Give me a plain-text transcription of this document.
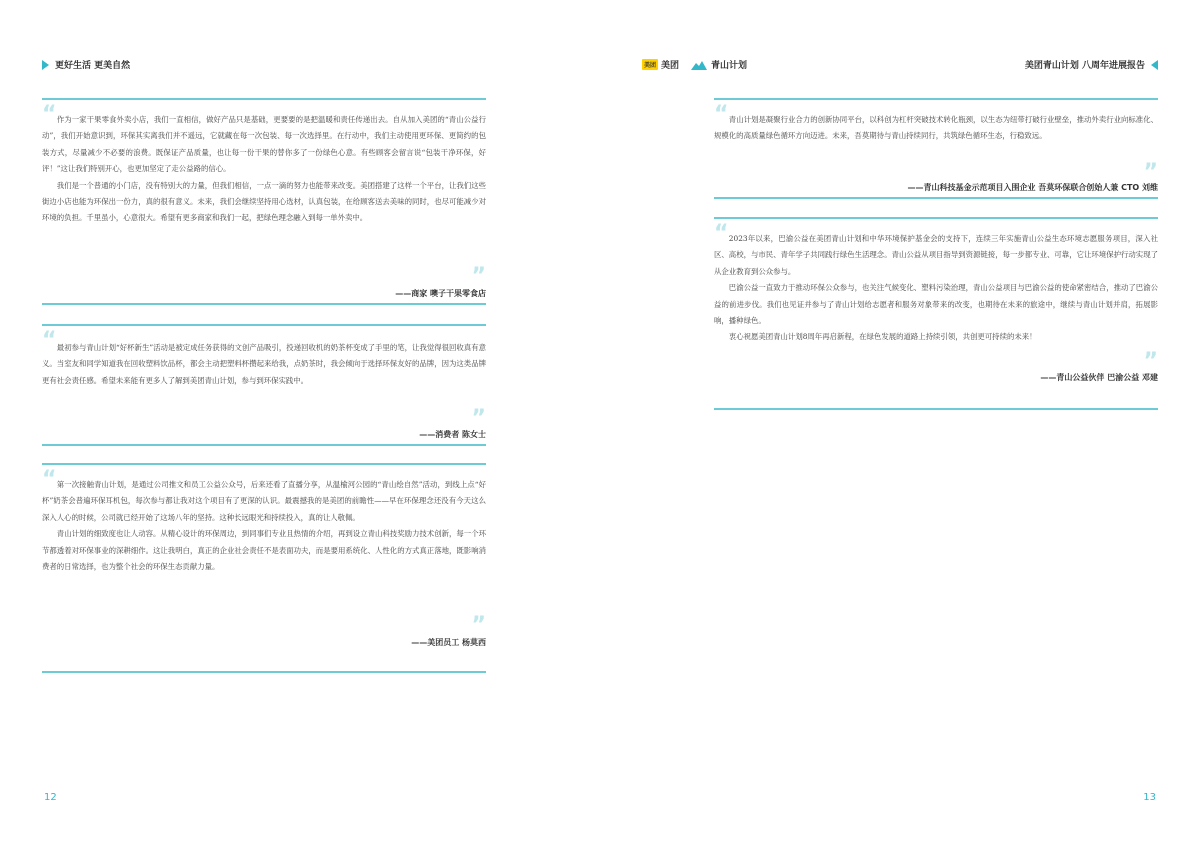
更好生活 更美自然
“ 作为一家干果零食外卖小店，我们一直相信，做好产品只是基础，更要要的是把温暖和责任传递出去。自从加入美团的“青山公益行动”，我们开始意识到，环保其实离我们并不遥远，它就藏在每一次包装、每一次选择里。在行动中，我们主动使用更环保、更简约的包装方式，尽量减少不必要的浪费。既保证产品质量，也让每一份干果的替你多了一份绿色心意。有些顾客会留言说“包装干净环保，好评！”这让我们特别开心，也更加坚定了走公益路的信心。

我们是一个普通的小门店，没有特别大的力量，但我们相信，一点一滴的努力也能带来改变。美团搭建了这样一个平台，让我们这些街边小店也能为环保出一份力，真的很有意义。未来，我们会继续坚持用心选材，认真包装，在给顾客送去美味的同时，也尽可能减少对环境的负担。千里虽小，心意很大。希望有更多商家和我们一起，把绿色理念融入到每一单外卖中。

”
——商家 噢子干果零食店
“ 最初参与青山计划“好杯新生”活动是被定成任务获得的文创产品吸引，投递回收机的奶茶杯变成了手里的笔，让我觉得很回收真有意义。当室友和同学知道我在回收塑料饮品杯，都会主动把塑料杯攒起来给我，点奶茶时，我会倾向于选择环保友好的品牌，因为这类品牌更有社会责任感。希望未来能有更多人了解到美团青山计划，参与到环保实践中。

”
——消费者 陈女士
“ 第一次接触青山计划，是通过公司推文和员工公益公众号，后来还看了直播分享，从温榆河公园的“青山绘自然”活动，到线上点“好杯”奶茶会普遍环保耳机包，每次参与都让我对这个项目有了更深的认识。最震撼我的是美团的前瞻性——早在环保理念还没有今天这么深入人心的时候，公司就已经开始了这场八年的坚持。这种长远眼光和持续投入，真的让人敬佩。

青山计划的细致度也让人动容。从精心设计的环保周边，到同事们专业且热情的介绍，再到设立青山科技奖励力技术创新，每一个环节都透着对环保事业的深耕细作。这让我明白，真正的企业社会责任不是表面功夫，而是要用系统化、人性化的方式真正落地，既影响消费者的日常选择，也为整个社会的环保生态贡献力量。

”
——美团员工 杨莫西
12
美团 美团	青山计划	美团青山计划 八周年进展报告
“ 青山计划是凝聚行业合力的创新协同平台，以科创为杠杆突破技术转化瓶颈，以生态为纽带打破行业壁垒，推动外卖行业向标准化、规模化的高质量绿色循环方向迈进。未来，吾莫期待与青山持续同行，共筑绿色循环生态，行稳致远。

”
——青山科技基金示范项目入围企业 吾莫环保联合创始人兼 CTO 刘维
“ 2023年以来，巴渝公益在美团青山计划和中华环境保护基金会的支持下，连续三年实施青山公益生态环境志愿服务项目，深入社区、高校，与市民、青年学子共同践行绿色生活理念。青山公益从项目指导到资源链接，每一步都专业、可靠，它让环境保护行动实现了从企业教育到公众参与。

巴渝公益一直致力于推动环保公众参与，也关注气候变化、塑料污染治理，青山公益项目与巴渝公益的使命紧密结合，推动了巴渝公益的前进步伐。我们也见证并参与了青山计划给志愿者和服务对象带来的改变，也期待在未来的旅途中，继续与青山计划并肩，拓展影响，播种绿色。

衷心祝愿美团青山计划8周年再启新程，在绿色发展的道路上持续引领，共创更可持续的未来！

”
——青山公益伙伴 巴渝公益 邓建
13
